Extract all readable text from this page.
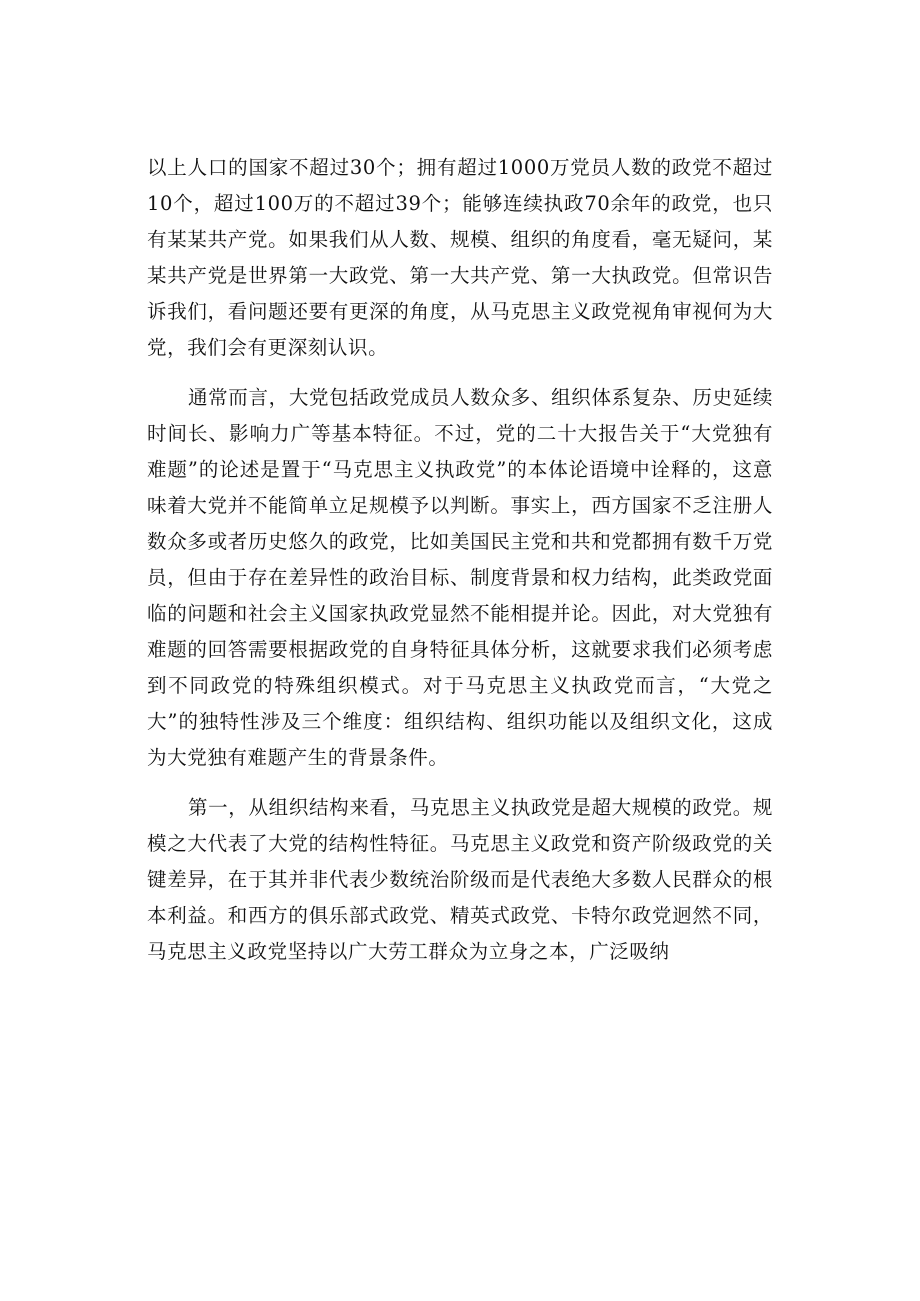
以上人口的国家不超过30个；拥有超过1000万党员人数的政党不超过10个，超过100万的不超过39个；能够连续执政70余年的政党，也只有某某共产党。如果我们从人数、规模、组织的角度看，毫无疑问，某某共产党是世界第一大政党、第一大共产党、第一大执政党。但常识告诉我们，看问题还要有更深的角度，从马克思主义政党视角审视何为大党，我们会有更深刻认识。

通常而言，大党包括政党成员人数众多、组织体系复杂、历史延续时间长、影响力广等基本特征。不过，党的二十大报告关于“大党独有难题”的论述是置于“马克思主义执政党”的本体论语境中诠释的，这意味着大党并不能简单立足规模予以判断。事实上，西方国家不乏注册人数众多或者历史悠久的政党，比如美国民主党和共和党都拥有数千万党员，但由于存在差异性的政治目标、制度背景和权力结构，此类政党面临的问题和社会主义国家执政党显然不能相提并论。因此，对大党独有难题的回答需要根据政党的自身特征具体分析，这就要求我们必须考虑到不同政党的特殊组织模式。对于马克思主义执政党而言，“大党之大”的独特性涉及三个维度：组织结构、组织功能以及组织文化，这成为大党独有难题产生的背景条件。

第一，从组织结构来看，马克思主义执政党是超大规模的政党。规模之大代表了大党的结构性特征。马克思主义政党和资产阶级政党的关键差异，在于其并非代表少数统治阶级而是代表绝大多数人民群众的根本利益。和西方的俱乐部式政党、精英式政党、卡特尔政党迥然不同，马克思主义政党坚持以广大劳工群众为立身之本，广泛吸纳
